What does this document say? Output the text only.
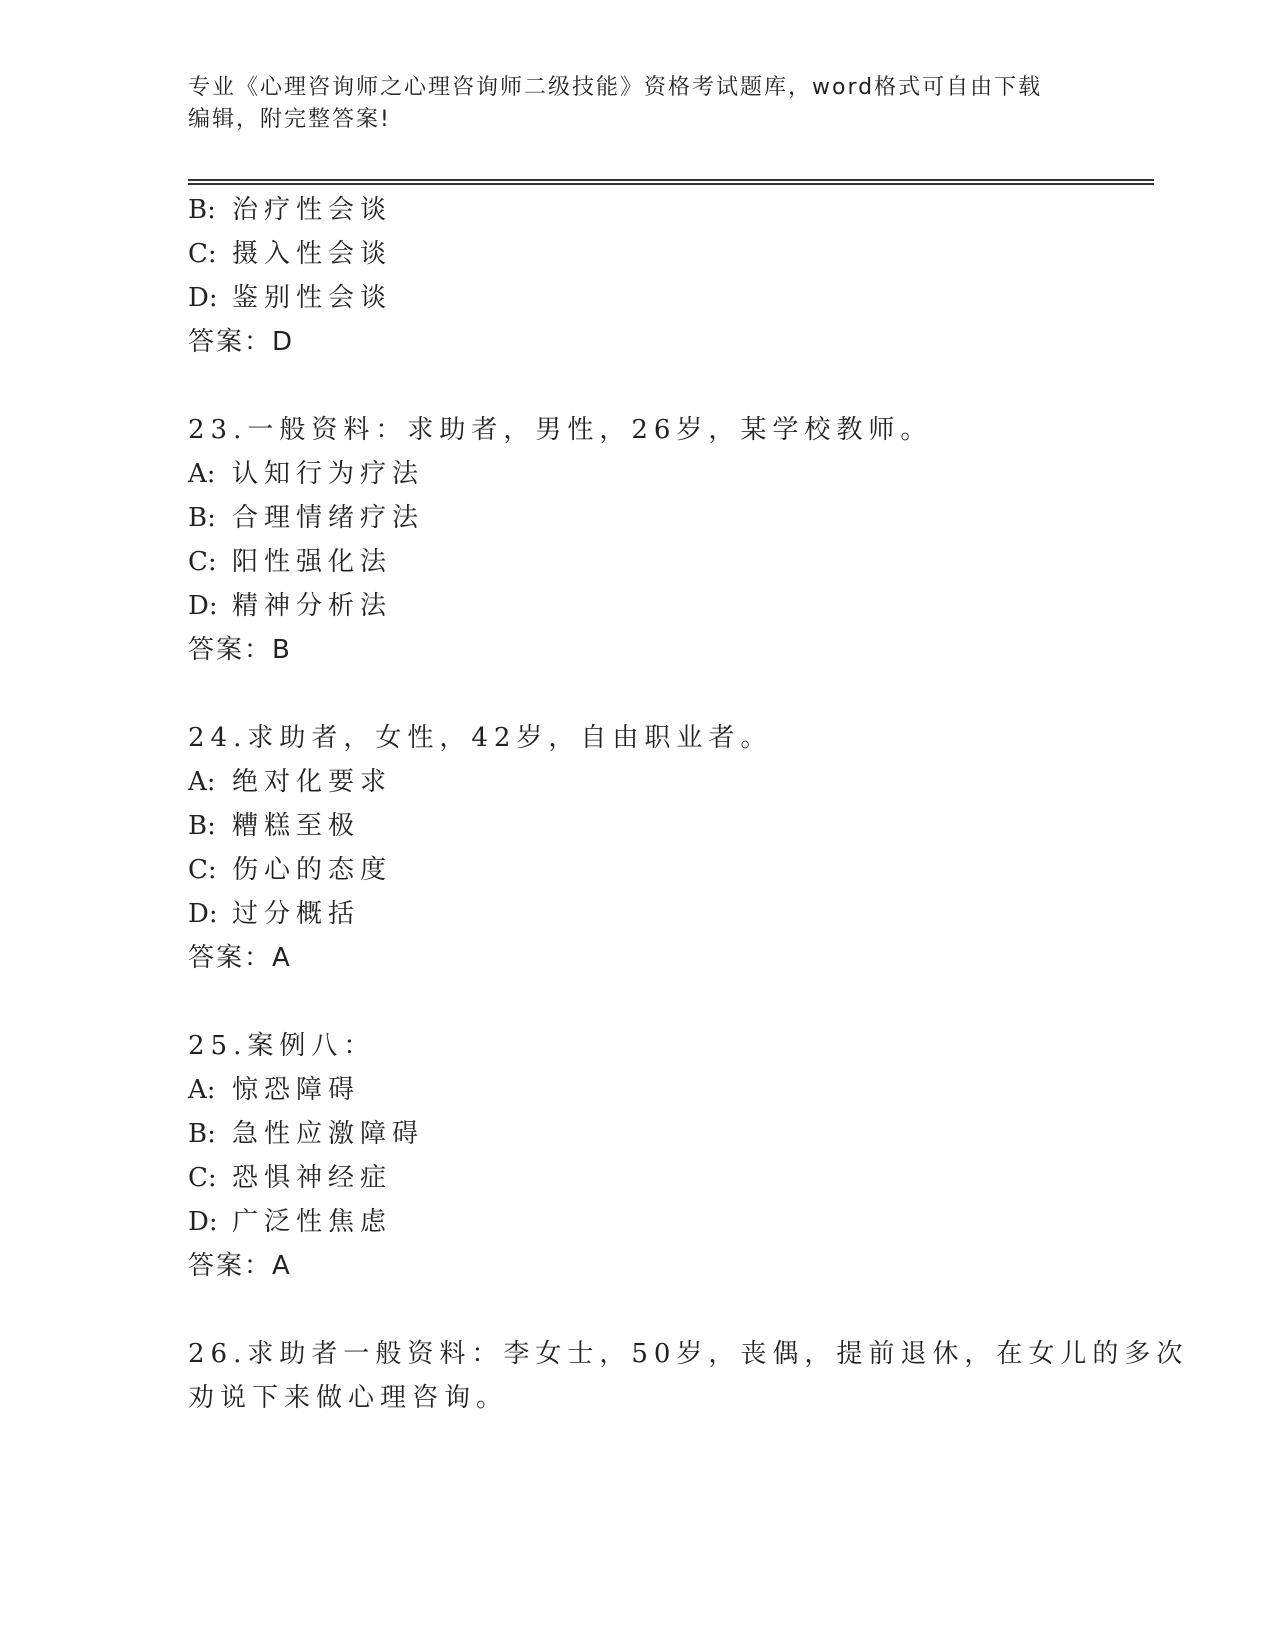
专业《心理咨询师之心理咨询师二级技能》资格考试题库，word格式可自由下载
编辑，附完整答案!
B: 治疗性会谈
C: 摄入性会谈
D: 鉴别性会谈
答案：D
23.一般资料：求助者，男性，26岁，某学校教师。
A: 认知行为疗法
B: 合理情绪疗法
C: 阳性强化法
D: 精神分析法
答案：B
24.求助者，女性，42岁，自由职业者。
A: 绝对化要求
B: 糟糕至极
C: 伤心的态度
D: 过分概括
答案：A
25.案例八：
A: 惊恐障碍
B: 急性应激障碍
C: 恐惧神经症
D: 广泛性焦虑
答案：A
26.求助者一般资料：李女士，50岁，丧偶，提前退休，在女儿的多次
劝说下来做心理咨询。
